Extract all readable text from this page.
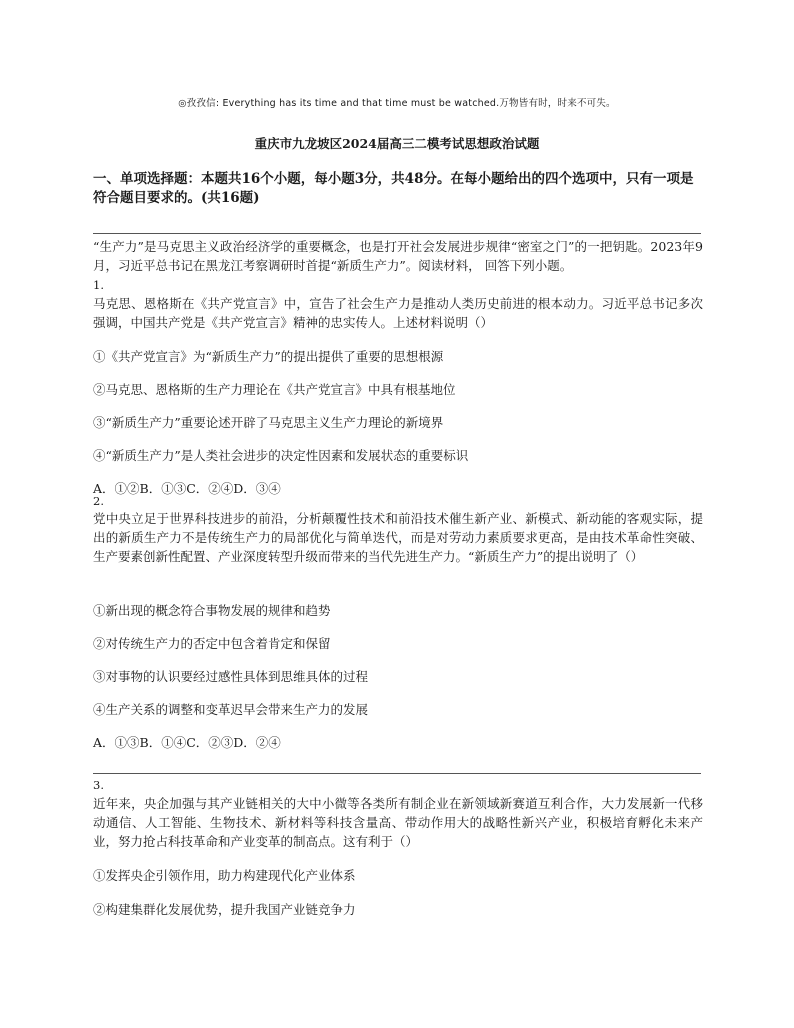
◎孜孜信: Everything has its time and that time must be watched.万物皆有时，时来不可失。
重庆市九龙坡区2024届高三二模考试思想政治试题
一、单项选择题：本题共16个小题，每小题3分，共48分。在每小题给出的四个选项中，只有一项是符合题目要求的。(共16题)
“生产力”是马克思主义政治经济学的重要概念，也是打开社会发展进步规律“密室之门”的一把钥匙。2023年9月，习近平总书记在黑龙江考察调研时首提“新质生产力”。阅读材料， 回答下列小题。
1.
马克思、恩格斯在《共产党宣言》中，宣告了社会生产力是推动人类历史前进的根本动力。习近平总书记多次强调，中国共产党是《共产党宣言》精神的忠实传人。上述材料说明（）
①《共产党宣言》为“新质生产力”的提出提供了重要的思想根源
②马克思、恩格斯的生产力理论在《共产党宣言》中具有根基地位
③“新质生产力”重要论述开辟了马克思主义生产力理论的新境界
④“新质生产力”是人类社会进步的决定性因素和发展状态的重要标识
A．①②B．①③C．②④D．③④
2.
党中央立足于世界科技进步的前沿，分析颠覆性技术和前沿技术催生新产业、新模式、新动能的客观实际，提出的新质生产力不是传统生产力的局部优化与简单迭代，而是对劳动力素质要求更高，是由技术革命性突破、生产要素创新性配置、产业深度转型升级而带来的当代先进生产力。“新质生产力”的提出说明了（）
①新出现的概念符合事物发展的规律和趋势
②对传统生产力的否定中包含着肯定和保留
③对事物的认识要经过感性具体到思维具体的过程
④生产关系的调整和变革迟早会带来生产力的发展
A．①③B．①④C．②③D．②④
3.
近年来，央企加强与其产业链相关的大中小微等各类所有制企业在新领域新赛道互利合作，大力发展新一代移动通信、人工智能、生物技术、新材料等科技含量高、带动作用大的战略性新兴产业，积极培育孵化未来产业，努力抢占科技革命和产业变革的制高点。这有利于（）
①发挥央企引领作用，助力构建现代化产业体系
②构建集群化发展优势，提升我国产业链竞争力
